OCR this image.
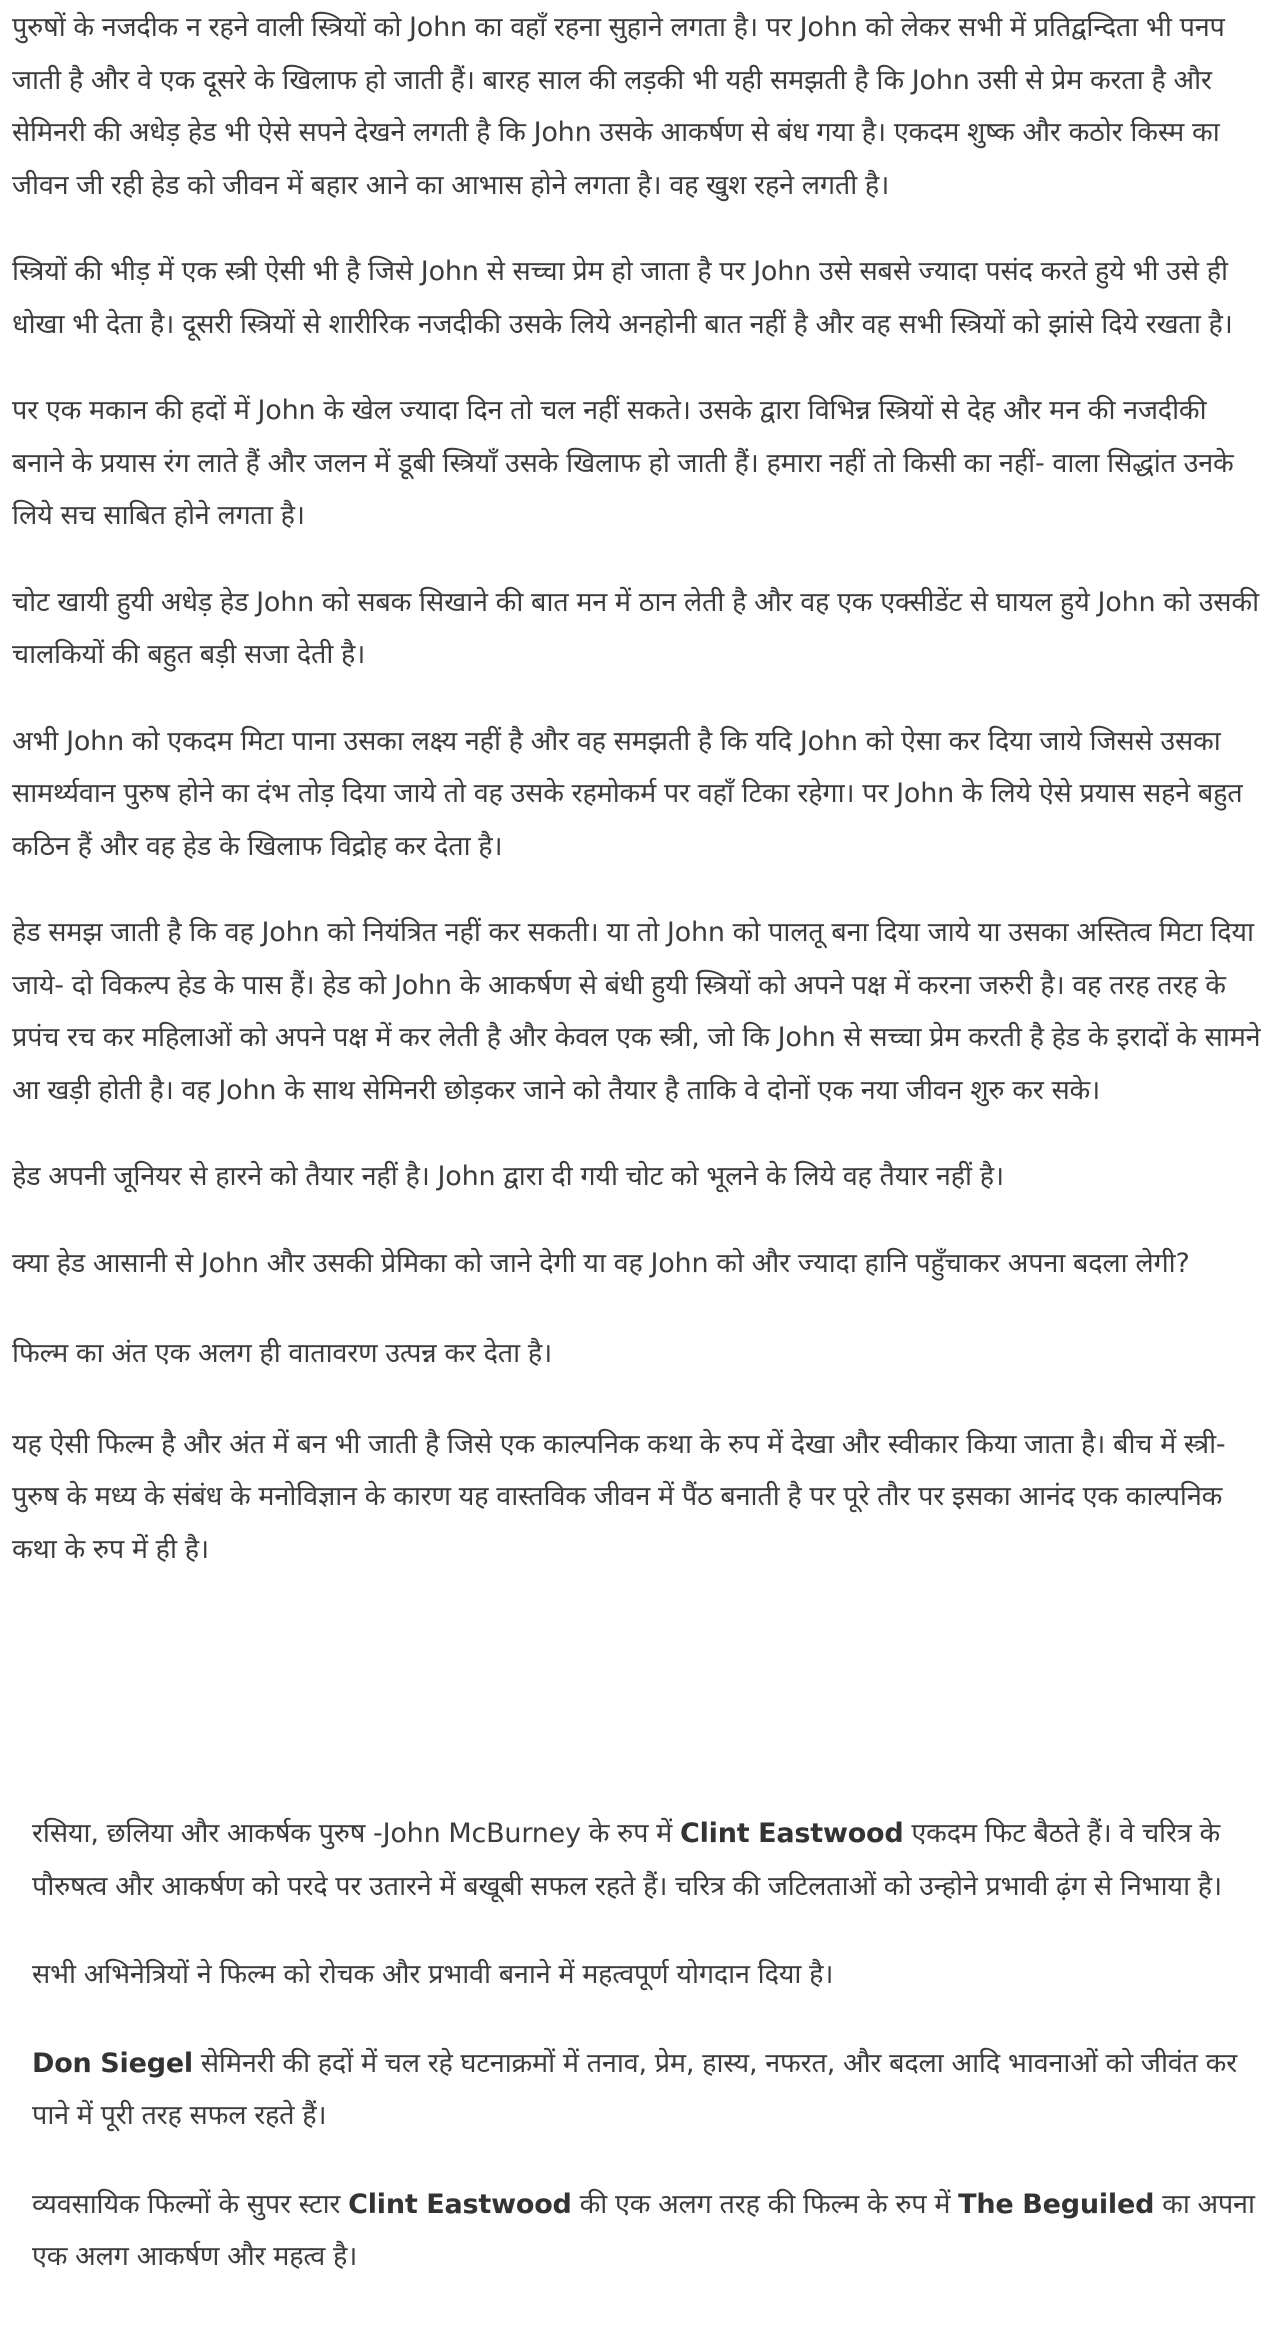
पुरुषों के नजदीक न रहने वाली स्त्रियों को John का वहाँ रहना सुहाने लगता है। पर John को लेकर सभी में प्रतिद्वन्दिता भी पनप जाती है और वे एक दूसरे के खिलाफ हो जाती हैं। बारह साल की लड़की भी यही समझती है कि John उसी से प्रेम करता है और सेमिनरी की अधेड़ हेड भी ऐसे सपने देखने लगती है कि John उसके आकर्षण से बंध गया है। एकदम शुष्क और कठोर किस्म का जीवन जी रही हेड को जीवन में बहार आने का आभास होने लगता है। वह खुश रहने लगती है।

स्त्रियों की भीड़ में एक स्त्री ऐसी भी है जिसे John से सच्चा प्रेम हो जाता है पर John उसे सबसे ज्यादा पसंद करते हुये भी उसे ही धोखा भी देता है। दूसरी स्त्रियों से शारीरिक नजदीकी उसके लिये अनहोनी बात नहीं है और वह सभी स्त्रियों को झांसे दिये रखता है।

पर एक मकान की हदों में John के खेल ज्यादा दिन तो चल नहीं सकते। उसके द्वारा विभिन्न स्त्रियों से देह और मन की नजदीकी बनाने के प्रयास रंग लाते हैं और जलन में डूबी स्त्रियाँ उसके खिलाफ हो जाती हैं। हमारा नहीं तो किसी का नहीं- वाला सिद्धांत उनके लिये सच साबित होने लगता है।

चोट खायी हुयी अधेड़ हेड John को सबक सिखाने की बात मन में ठान लेती है और वह एक एक्सीडेंट से घायल हुये John को उसकी चालकियों की बहुत बड़ी सजा देती है।

अभी John को एकदम मिटा पाना उसका लक्ष्य नहीं है और वह समझती है कि यदि John को ऐसा कर दिया जाये जिससे उसका सामर्थ्यवान पुरुष होने का दंभ तोड़ दिया जाये तो वह उसके रहमोकर्म पर वहाँ टिका रहेगा। पर John के लिये ऐसे प्रयास सहने बहुत कठिन हैं और वह हेड के खिलाफ विद्रोह कर देता है।

हेड समझ जाती है कि वह John को नियंत्रित नहीं कर सकती। या तो John को पालतू बना दिया जाये या उसका अस्तित्व मिटा दिया जाये- दो विकल्प हेड के पास हैं। हेड को John के आकर्षण से बंधी हुयी स्त्रियों को अपने पक्ष में करना जरुरी है। वह तरह तरह के प्रपंच रच कर महिलाओं को अपने पक्ष में कर लेती है और केवल एक स्त्री, जो कि John से सच्चा प्रेम करती है हेड के इरादों के सामने आ खड़ी होती है। वह John के साथ सेमिनरी छोड़कर जाने को तैयार है ताकि वे दोनों एक नया जीवन शुरु कर सके।

हेड अपनी जूनियर से हारने को तैयार नहीं है। John द्वारा दी गयी चोट को भूलने के लिये वह तैयार नहीं है।

क्या हेड आसानी से John और उसकी प्रेमिका को जाने देगी या वह John को और ज्यादा हानि पहुँचाकर अपना बदला लेगी?

फिल्म का अंत एक अलग ही वातावरण उत्पन्न कर देता है।

यह ऐसी फिल्म है और अंत में बन भी जाती है जिसे एक काल्पनिक कथा के रुप में देखा और स्वीकार किया जाता है। बीच में स्त्री-पुरुष के मध्य के संबंध के मनोविज्ञान के कारण यह वास्तविक जीवन में पैंठ बनाती है पर पूरे तौर पर इसका आनंद एक काल्पनिक कथा के रुप में ही है।

रसिया, छलिया और आकर्षक पुरुष -John McBurney के रुप में Clint Eastwood एकदम फिट बैठते हैं। वे चरित्र के पौरुषत्व और आकर्षण को परदे पर उतारने में बखूबी सफल रहते हैं। चरित्र की जटिलताओं को उन्होने प्रभावी ढ़ंग से निभाया है।

सभी अभिनेत्रियों ने फिल्म को रोचक और प्रभावी बनाने में महत्वपूर्ण योगदान दिया है।

Don Siegel सेमिनरी की हदों में चल रहे घटनाक्रमों में तनाव, प्रेम, हास्य, नफरत, और बदला आदि भावनाओं को जीवंत कर पाने में पूरी तरह सफल रहते हैं।

व्यवसायिक फिल्मों के सुपर स्टार Clint Eastwood की एक अलग तरह की फिल्म के रुप में The Beguiled का अपना एक अलग आकर्षण और महत्व है।
